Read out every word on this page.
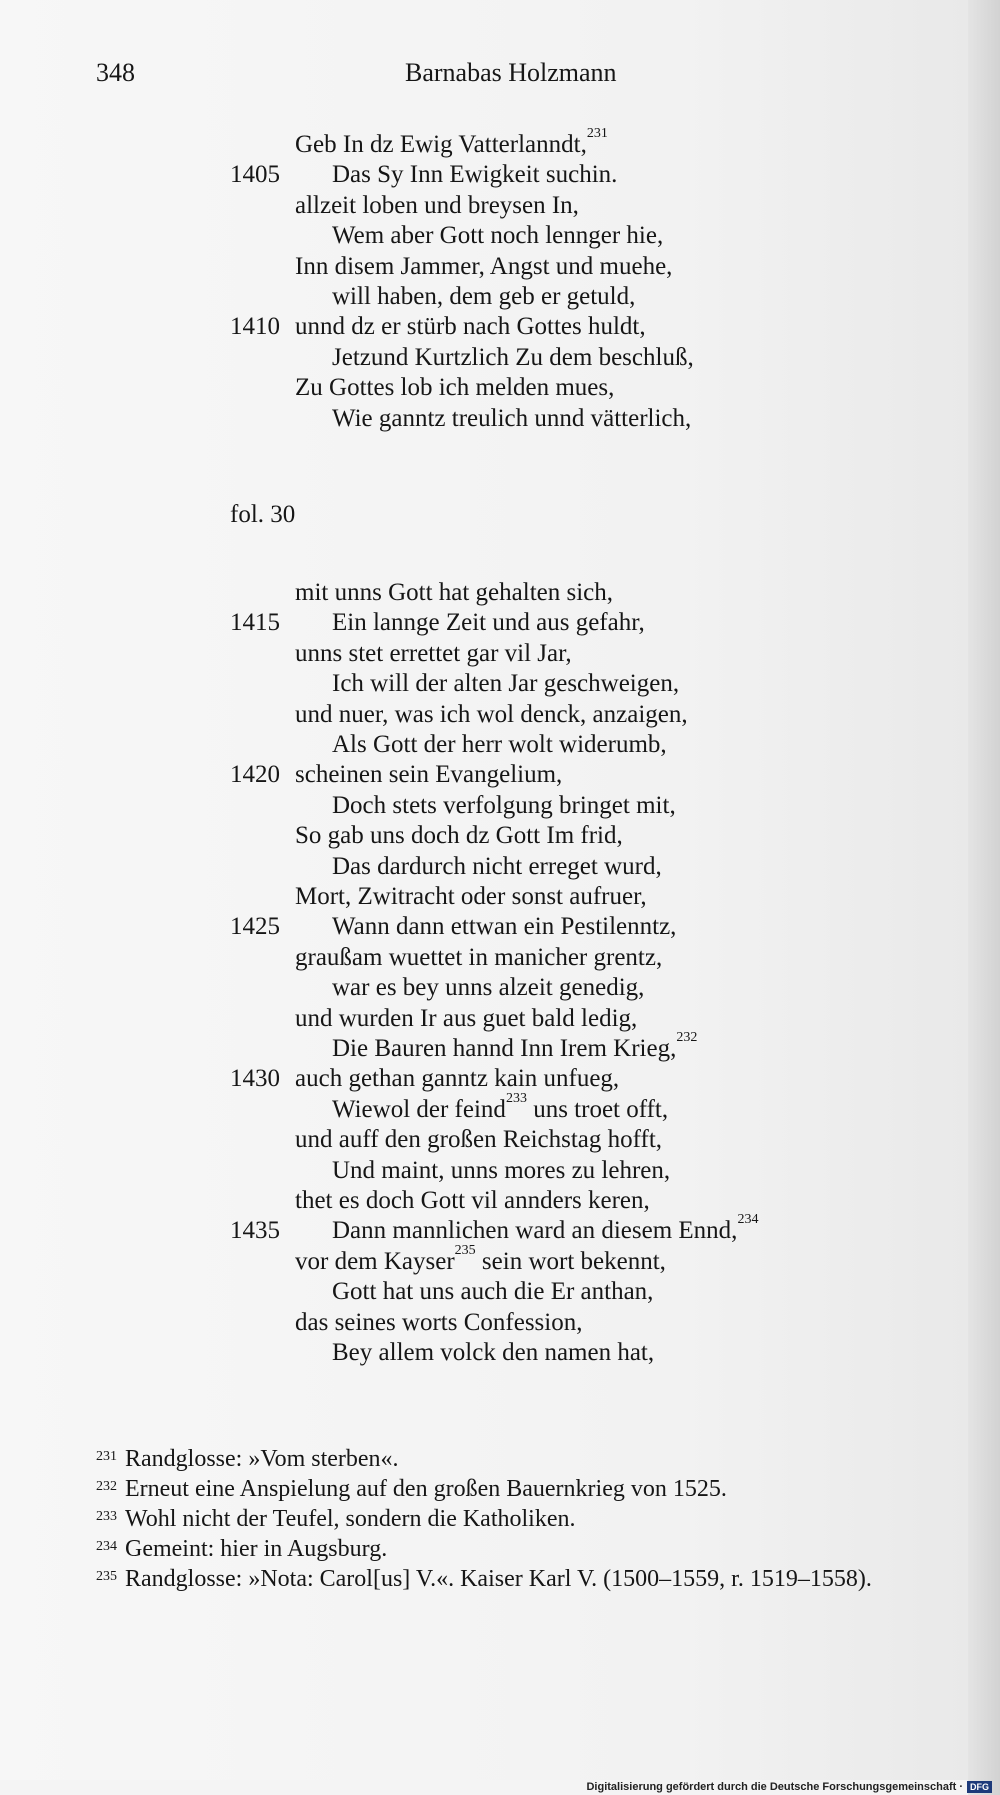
348	Barnabas Holzmann
Geb In dz Ewig Vatterlanndt,$^{231}$
Das Sy Inn Ewigkeit suchin.
1405
allzeit loben und breysen In,
Wem aber Gott noch lennger hie,
Inn disem Jammer, Angst und muehe,
will haben, dem geb er getuld,
unnd dz er stürb nach Gottes huldt,
1410
Jetzund Kurtzlich Zu dem beschluß,
Zu Gottes lob ich melden mues,
Wie ganntz treulich unnd vätterlich,
mit unns Gott hat gehalten sich,
Ein lannge Zeit und aus gefahr,
1415
unns stet errettet gar vil Jar,
Ich will der alten Jar geschweigen,
und nuer, was ich wol denck, anzaigen,
Als Gott der herr wolt widerumb,
scheinen sein Evangelium,
1420
Doch stets verfolgung bringet mit,
So gab uns doch dz Gott Im frid,
Das dardurch nicht erreget wurd,
Mort, Zwitracht oder sonst aufruer,
Wann dann ettwan ein Pestilenntz,
1425
graußam wuettet in manicher grentz,
war es bey unns alzeit genedig,
und wurden Ir aus guet bald ledig,
Die Bauren hannd Inn Irem Krieg,$^{232}$
auch gethan ganntz kain unfueg,
1430
Wiewol der feind$^{233}$ uns troet offt,
und auff den großen Reichstag hofft,
Und maint, unns mores zu lehren,
thet es doch Gott vil annders keren,
Dann mannlichen ward an diesem Ennd,$^{234}$
1435
vor dem Kayser$^{235}$ sein wort bekennt,
Gott hat uns auch die Er anthan,
das seines worts Confession,
Bey allem volck den namen hat,
fol. 30
$^{231}$ Randglosse: »Vom sterben«.
$^{232}$ Erneut eine Anspielung auf den großen Bauernkrieg von 1525.
$^{233}$ Wohl nicht der Teufel, sondern die Katholiken.
$^{234}$ Gemeint: hier in Augsburg.
$^{235}$ Randglosse: »Nota: Carol[us] V.«. Kaiser Karl V. (1500–1559, r. 1519–1558).
Digitalisierung gefördert durch die Deutsche Forschungsgemeinschaft · DFG
